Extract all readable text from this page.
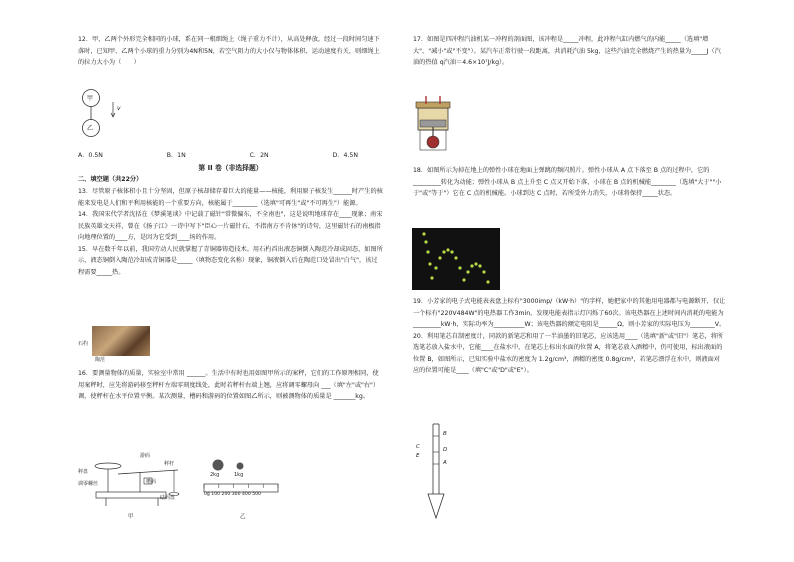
12．甲、乙两个外形完全相同的小球，系在同一根细绳上（绳子重力不计），从高处释放，经过一段时间匀速下落时，已知甲、乙两个小球的重力分别为4N和5N，若空气阻力的大小仅与物体体积、运动速度有关，则细绳上的拉力大小为（　　）

甲
乙
v
A．0.5N	B．1N	C．2N	D．4.5N
第 II 卷（非选择题）
二、填空题（共22分）

13．尽管原子核体积小且十分坚固，但原子核却储存着巨大的能量——核能，利用原子核发生______时产生的核能来发电是人们和平利用核能的一个重要方向，核能属于________（选填"可再生"或"不可再生"）能源。

14．我国宋代学者沈括在《梦溪笔谈》中记载了磁针"常微偏东，不全南也"，这是说明地球存在____现象；南宋民族英雄文天祥，曾在《扬子江》一诗中写下"臣心一片磁针石，不指南方不肯休"的诗句，这里磁针石的南极指向地理位置的____方，是因为它受到____场的作用。

15．早在数千年以前，我国劳动人民就掌握了青铜器铸造技术。用石杓舀出液态铜倒入陶范冷却成固态，如图所示，液态铜倒入陶范冷却成青铜器是_____（填物态变化名称）现象，铜液倒入后在陶范口处冒出"白气"，该过程需要_____热。

石杓
陶范

16．要测量物体的质量，实验室中常用 ______。生活中有时也用如图甲所示的案秤，它们的工作原理相同，使用案秤时，应先将游码移至秤杆左端零刻度线处，此时若秤杆右端上翘，应将调零螺母向 ___（填"左"或"右"）调，使秤杆在水平位置平衡。某次测量，槽码和游码的位置如图乙所示，则被测物体的质量是 _______kg。

秤盘
调零螺丝
游码
秤杆
槽码
砝码盘
甲
2kg	1kg
0g 100 200 300 400 500
乙

17．如图是四冲程汽油机某一冲程的剖面图，该冲程是_____冲程，此冲程气缸内燃气的内能_____（选填"增大"、"减小"或"不变"）。某汽车正常行驶一段距离，共消耗汽油 5kg，这些汽油完全燃烧产生的热量为_____J（汽油的热值 q汽油＝4.6×10⁷J/kg）。

18．如图所示为掉在地上的弹性小球在地面上弹跳的频闪照片。弹性小球从 A 点下落至 B 点的过程中，它的_________转化为动能；弹性小球从 B 点上升至 C 点又开始下落，小球在 B 点的机械能________（选填"大于""小于"或"等于"）它在 C 点的机械能。小球到达 C 点时，若所受外力消失，小球将保持_____状态。

19．小芳家的电子式电能表表盘上标有"3000imp/（kW·h）"的字样，她把家中的其他用电器都与电源断开，仅让一个标有"220V484W"的电热器工作3min，发现电能表指示灯闪烁了60次。该电热器在上述时间内消耗的电能为_________kW·h，实际功率为__________W；该电热器的额定电阻是______Ω，则小芳家的实际电压为________V。

20．利用笔芯自制密度计，同款的新笔芯和用了一半油墨的旧笔芯，应该选用____（选填"新"或"旧"）笔芯，将所选笔芯放入盐水中，它能____在盐水中，在笔芯上标出水面的位置 A，将笔芯放入酒精中，仍可使用，标出液面的位置 B，如图所示，已知实验中盐水的密度为 1.2g/cm³，酒精的密度 0.8g/cm³，若笔芯漂浮在水中，则液面对应的位置可能是____（填"C"或"D"或"E"）。

B
D
A
C
E
